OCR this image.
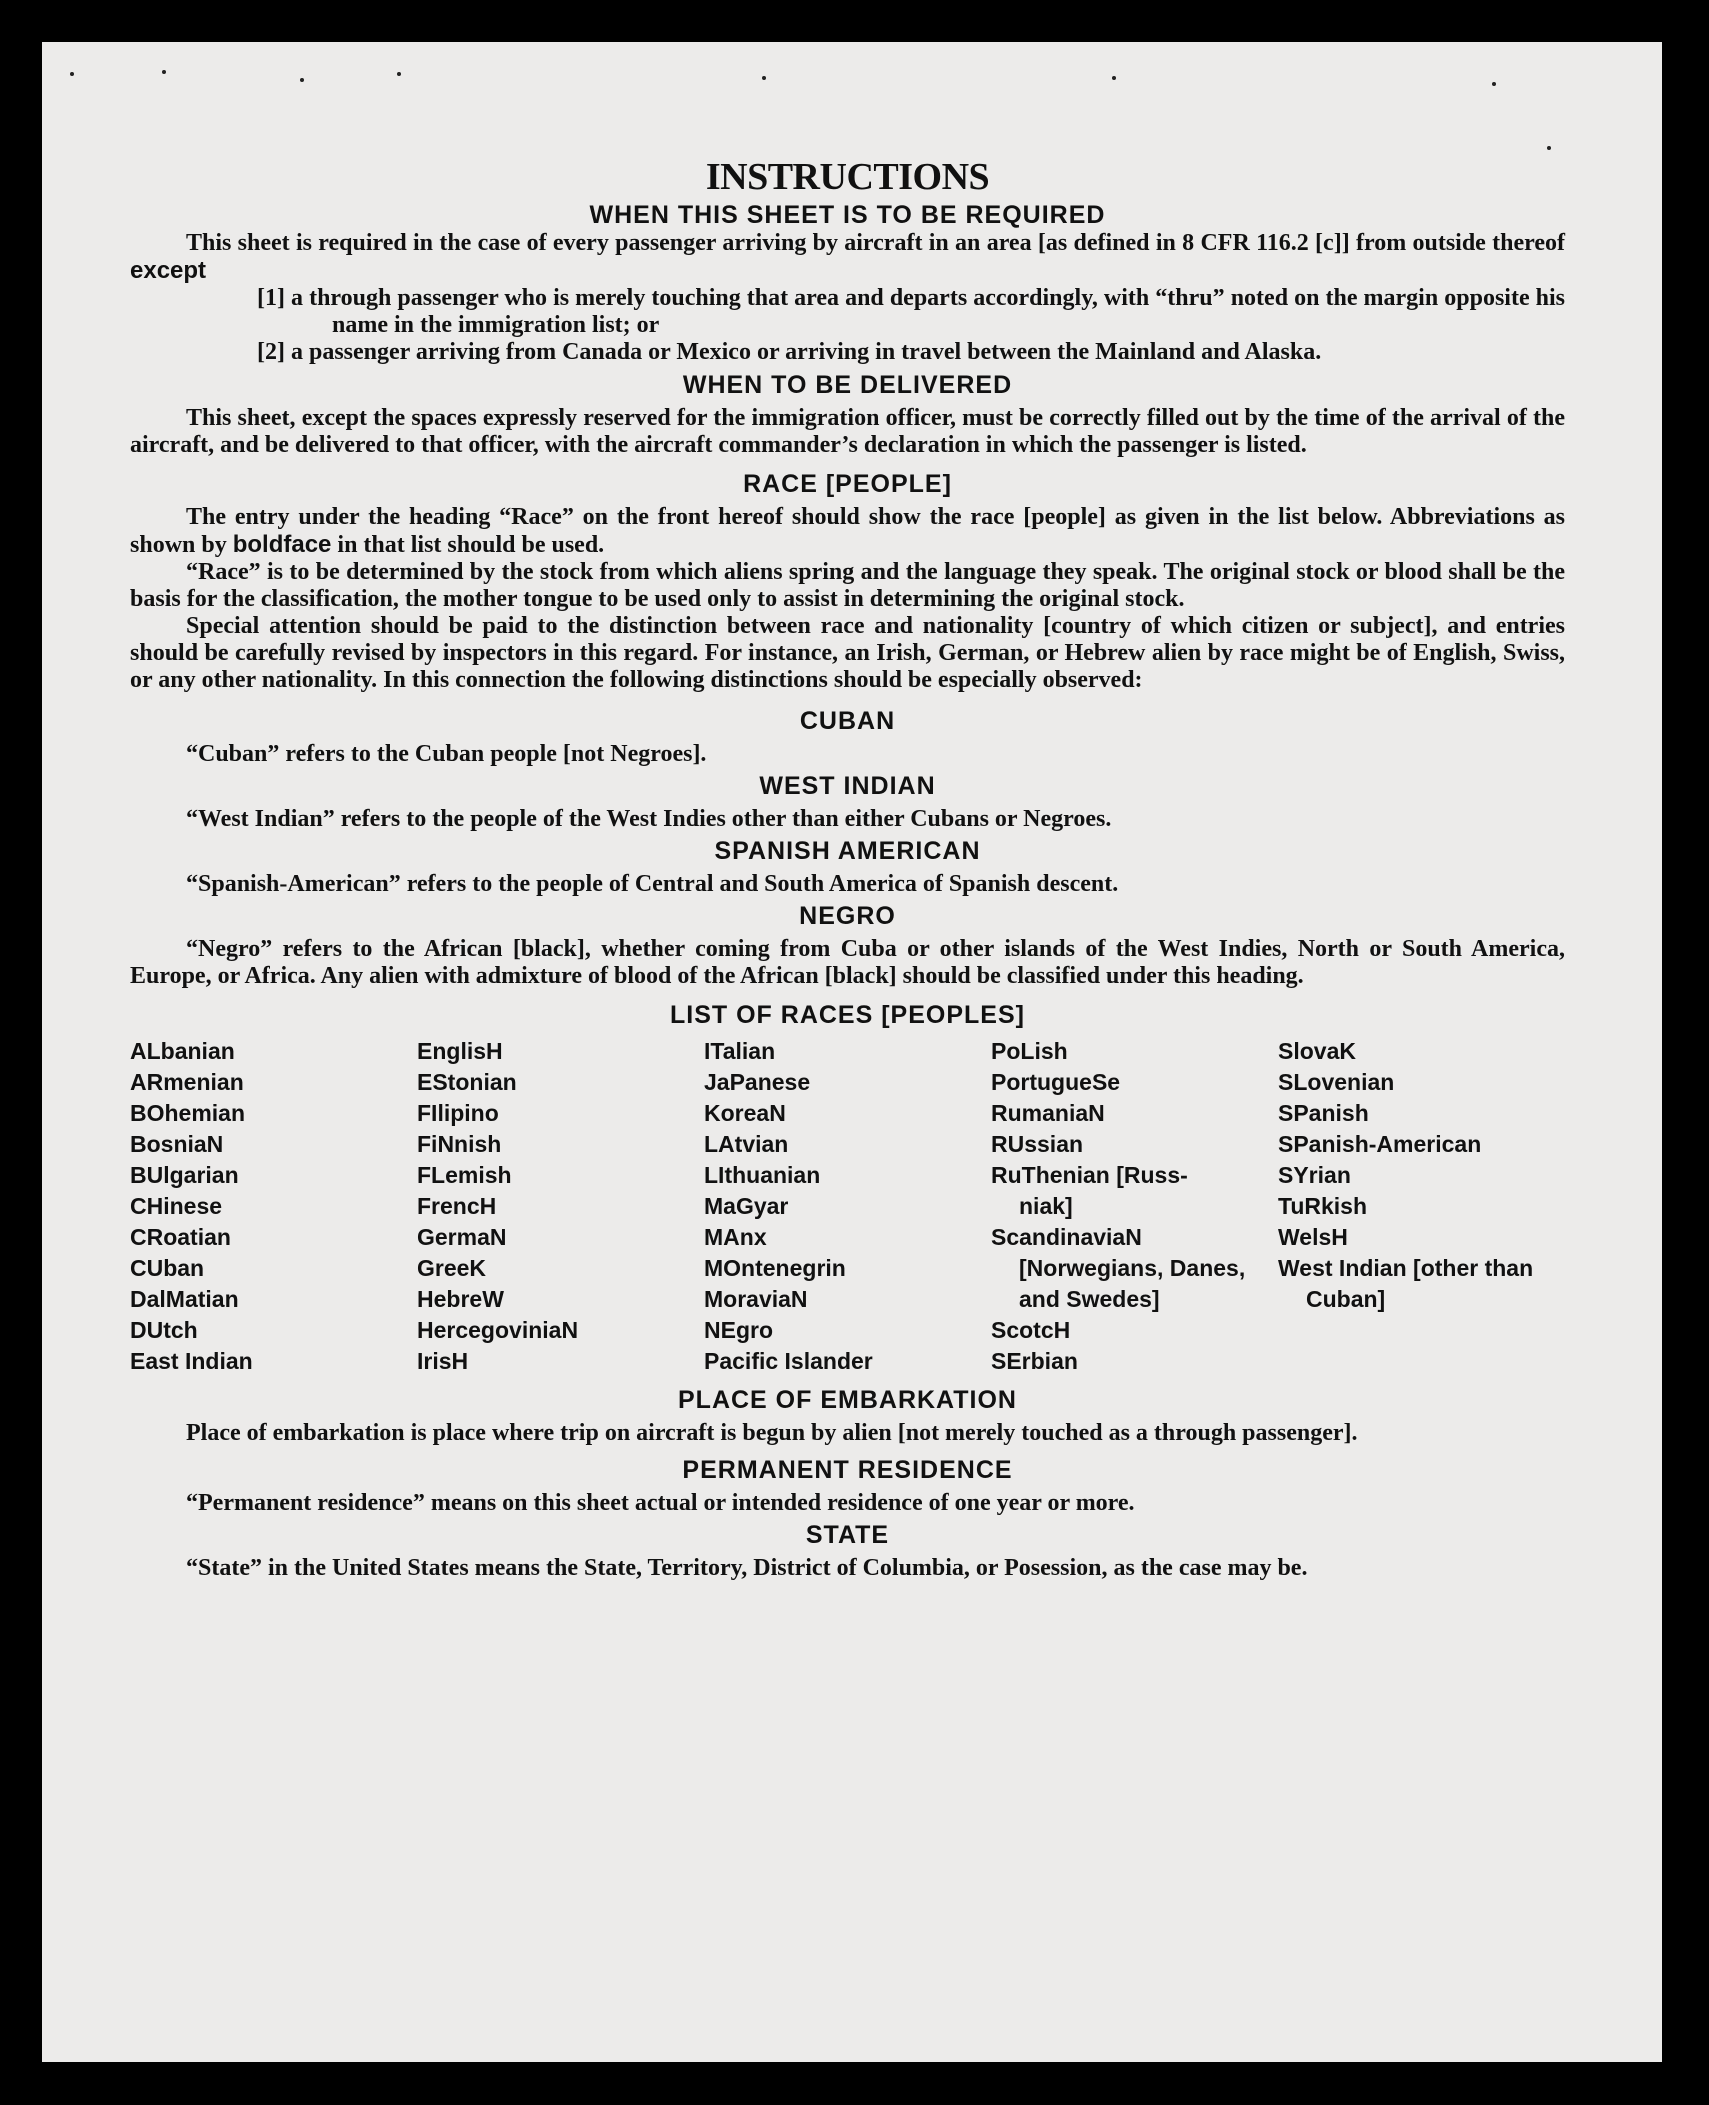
INSTRUCTIONS
WHEN THIS SHEET IS TO BE REQUIRED

This sheet is required in the case of every passenger arriving by aircraft in an area [as defined in 8 CFR 116.2 [c]] from outside thereof except

[1] a through passenger who is merely touching that area and departs accordingly, with “thru” noted on the margin opposite his name in the immigration list; or

[2] a passenger arriving from Canada or Mexico or arriving in travel between the Mainland and Alaska.

WHEN TO BE DELIVERED

This sheet, except the spaces expressly reserved for the immigration officer, must be correctly filled out by the time of the arrival of the aircraft, and be delivered to that officer, with the aircraft commander’s declaration in which the passenger is listed.

RACE [PEOPLE]

The entry under the heading “Race” on the front hereof should show the race [people] as given in the list below. Abbreviations as shown by boldface in that list should be used.

“Race” is to be determined by the stock from which aliens spring and the language they speak. The original stock or blood shall be the basis for the classification, the mother tongue to be used only to assist in determining the original stock.

Special attention should be paid to the distinction between race and nationality [country of which citizen or subject], and entries should be carefully revised by inspectors in this regard. For instance, an Irish, German, or Hebrew alien by race might be of English, Swiss, or any other nationality. In this connection the following distinctions should be especially observed:

CUBAN

“Cuban” refers to the Cuban people [not Negroes].

WEST INDIAN

“West Indian” refers to the people of the West Indies other than either Cubans or Negroes.

SPANISH AMERICAN

“Spanish-American” refers to the people of Central and South America of Spanish descent.

NEGRO

“Negro” refers to the African [black], whether coming from Cuba or other islands of the West Indies, North or South America, Europe, or Africa. Any alien with admixture of blood of the African [black] should be classified under this heading.

LIST OF RACES [PEOPLES]
ALbanian
ARmenian
BOhemian
BosniaN
BUlgarian
CHinese
CRoatian
CUban
DalMatian
DUtch
East Indian
EnglisH
EStonian
FIlipino
FiNnish
FLemish
FrencH
GermaN
GreeK
HebreW
HercegoviniaN
IrisH
ITalian
JaPanese
KoreaN
LAtvian
LIthuanian
MaGyar
MAnx
MOntenegrin
MoraviaN
NEgro
Pacific Islander
PoLish
PortugueSe
RumaniaN
RUssian
RuThenian [Russ-niak]
ScandinaviaN [Norwegians, Danes, and Swedes]
ScotcH
SErbian
SlovaK
SLovenian
SPanish
SPanish-American
SYrian
TuRkish
WelsH
West Indian [other than Cuban]
PLACE OF EMBARKATION

Place of embarkation is place where trip on aircraft is begun by alien [not merely touched as a through passenger].

PERMANENT RESIDENCE

“Permanent residence” means on this sheet actual or intended residence of one year or more.

STATE

“State” in the United States means the State, Territory, District of Columbia, or Posession, as the case may be.
